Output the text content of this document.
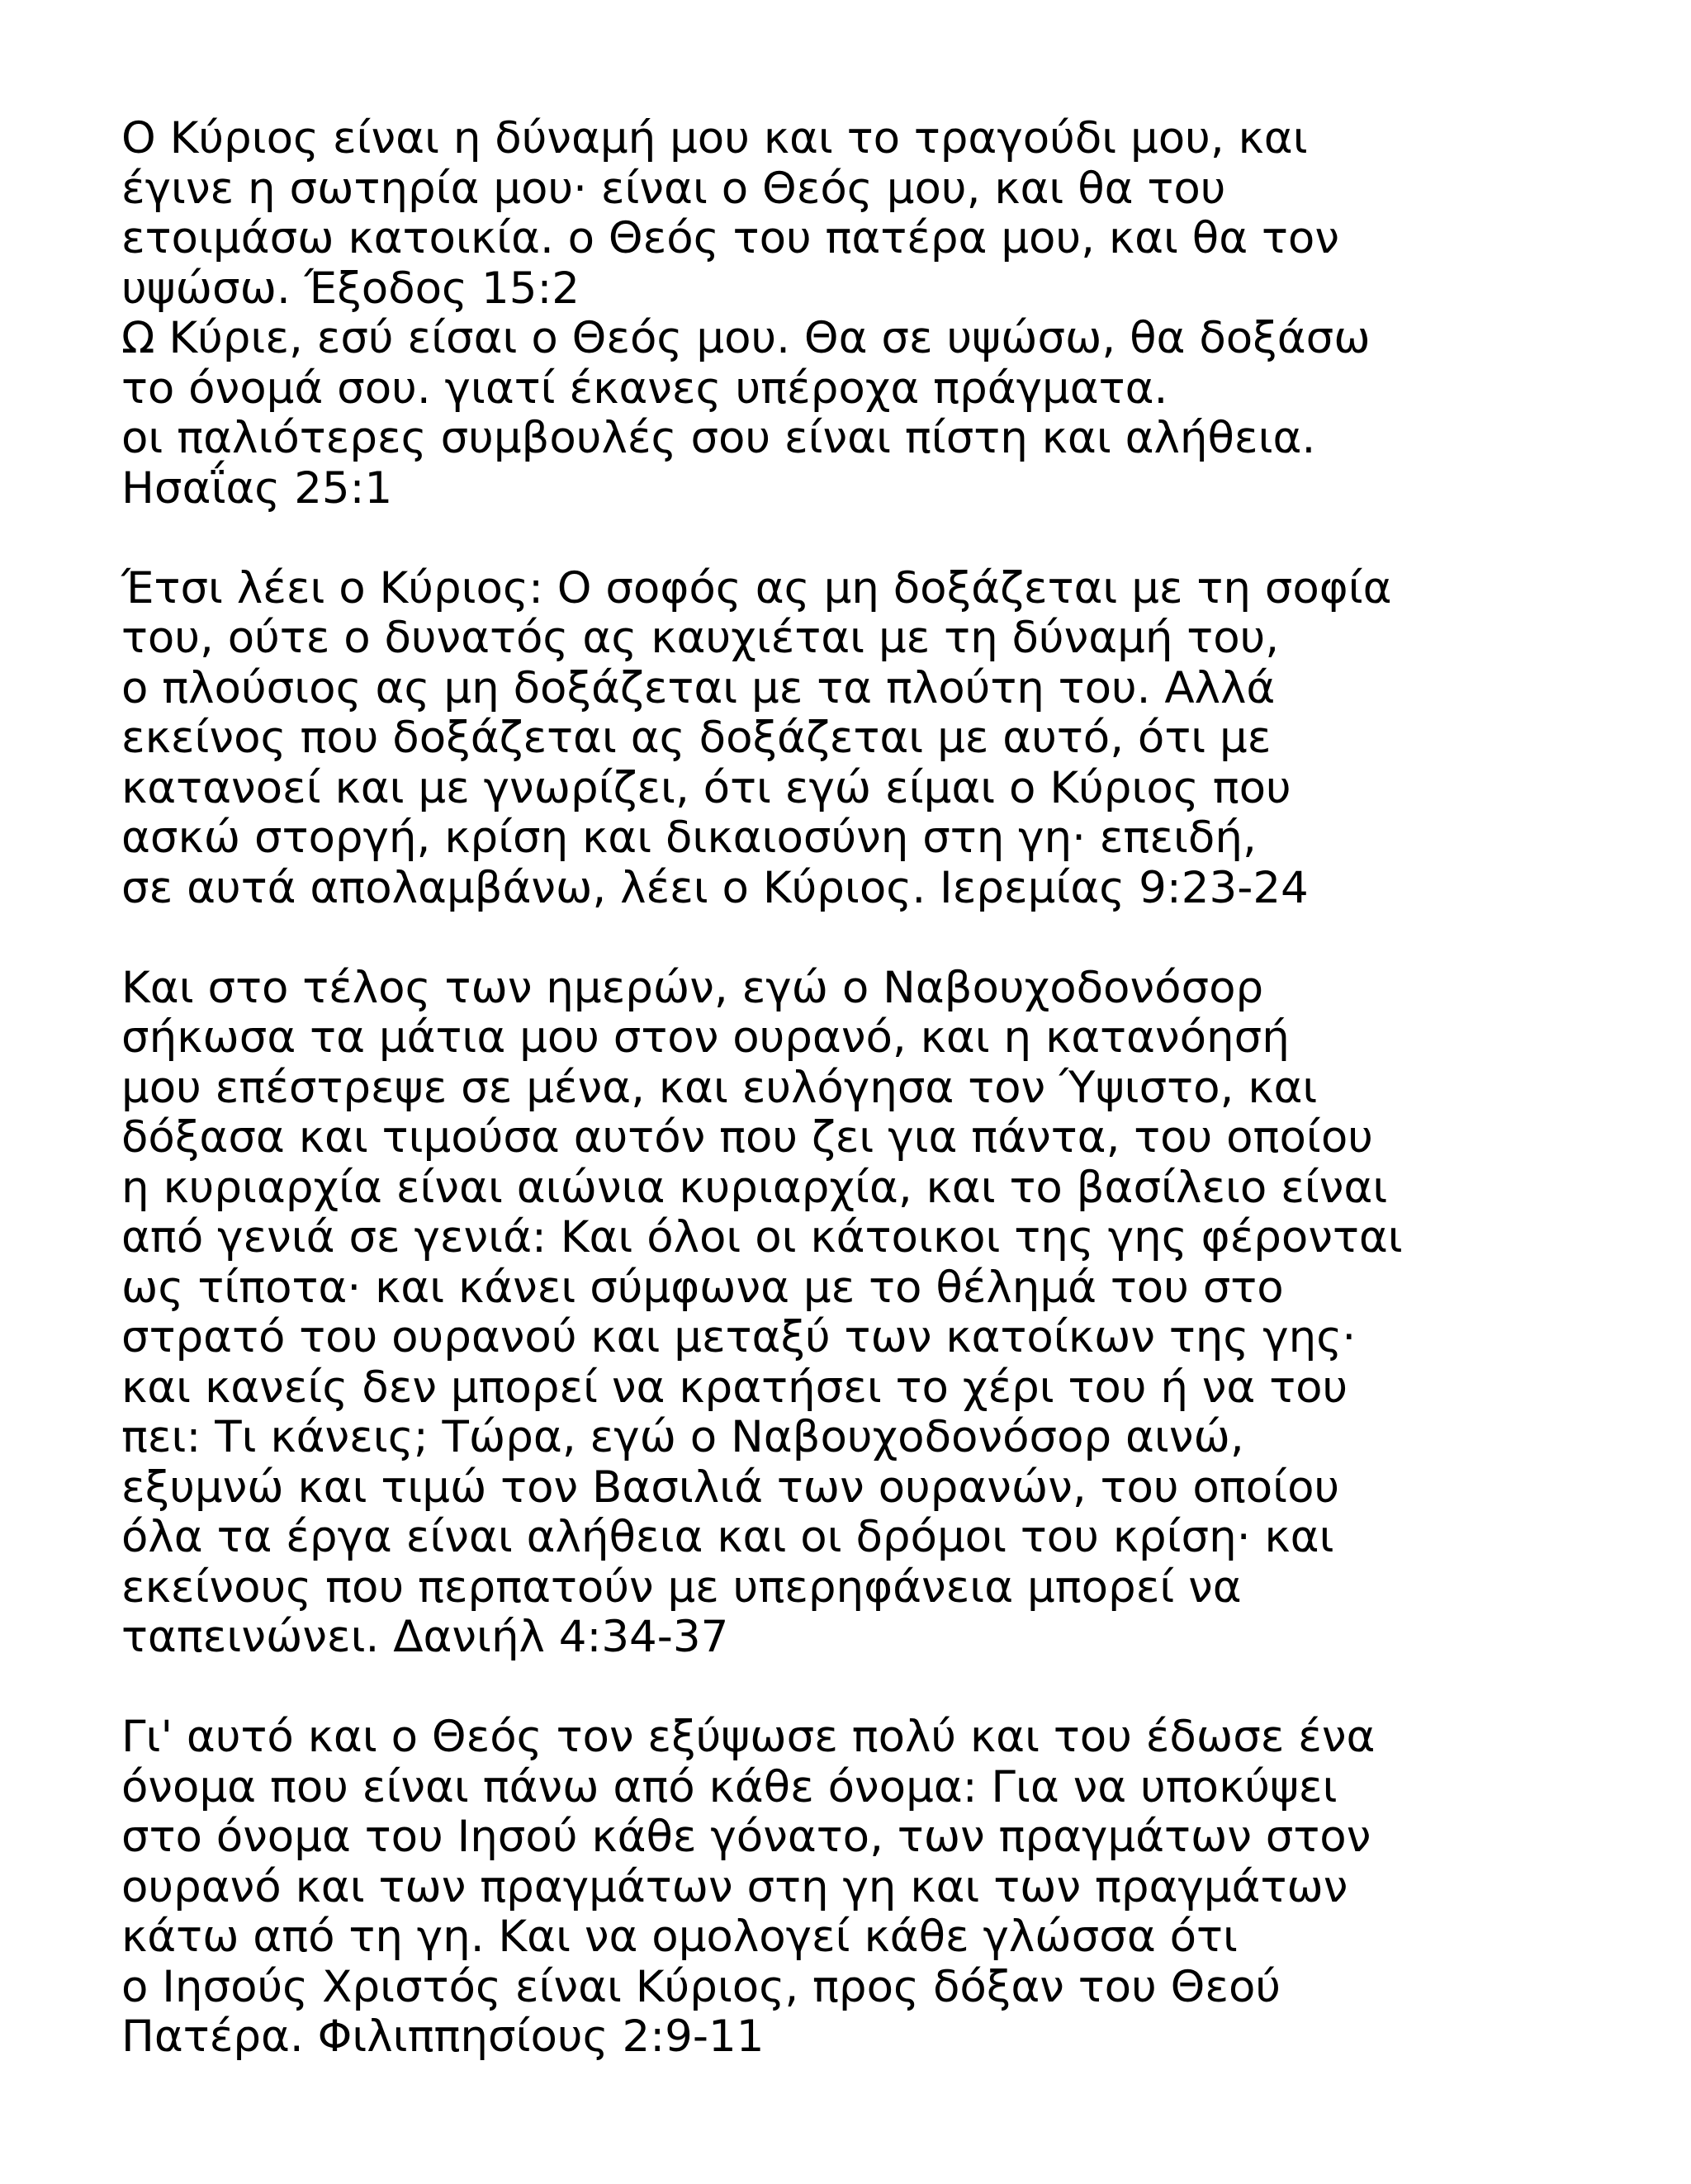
Ο Κύριος είναι η δύναμή μου και το τραγούδι μου, και
έγινε η σωτηρία μου· είναι ο Θεός μου, και θα του
ετοιμάσω κατοικία. ο Θεός του πατέρα μου, και θα τον
υψώσω. Έξοδος 15:2
Ω Κύριε, εσύ είσαι ο Θεός μου. Θα σε υψώσω, θα δοξάσω
το όνομά σου. γιατί έκανες υπέροχα πράγματα.
οι παλιότερες συμβουλές σου είναι πίστη και αλήθεια.
Ησαΐας 25:1
Έτσι λέει ο Κύριος: Ο σοφός ας μη δοξάζεται με τη σοφία
του, ούτε ο δυνατός ας καυχιέται με τη δύναμή του,
ο πλούσιος ας μη δοξάζεται με τα πλούτη του. Αλλά
εκείνος που δοξάζεται ας δοξάζεται με αυτό, ότι με
κατανοεί και με γνωρίζει, ότι εγώ είμαι ο Κύριος που
ασκώ στοργή, κρίση και δικαιοσύνη στη γη· επειδή,
σε αυτά απολαμβάνω, λέει ο Κύριος. Ιερεμίας 9:23-24
Και στο τέλος των ημερών, εγώ ο Ναβουχοδονόσορ
σήκωσα τα μάτια μου στον ουρανό, και η κατανόησή
μου επέστρεψε σε μένα, και ευλόγησα τον Ύψιστο, και
δόξασα και τιμούσα αυτόν που ζει για πάντα, του οποίου
η κυριαρχία είναι αιώνια κυριαρχία, και το βασίλειο είναι
από γενιά σε γενιά: Και όλοι οι κάτοικοι της γης φέρονται
ως τίποτα· και κάνει σύμφωνα με το θέλημά του στο
στρατό του ουρανού και μεταξύ των κατοίκων της γης·
και κανείς δεν μπορεί να κρατήσει το χέρι του ή να του
πει: Τι κάνεις; Τώρα, εγώ ο Ναβουχοδονόσορ αινώ,
εξυμνώ και τιμώ τον Βασιλιά των ουρανών, του οποίου
όλα τα έργα είναι αλήθεια και οι δρόμοι του κρίση· και
εκείνους που περπατούν με υπερηφάνεια μπορεί να
ταπεινώνει. Δανιήλ 4:34-37
Γι' αυτό και ο Θεός τον εξύψωσε πολύ και του έδωσε ένα
όνομα που είναι πάνω από κάθε όνομα: Για να υποκύψει
στο όνομα του Ιησού κάθε γόνατο, των πραγμάτων στον
ουρανό και των πραγμάτων στη γη και των πραγμάτων
κάτω από τη γη. Και να ομολογεί κάθε γλώσσα ότι
ο Ιησούς Χριστός είναι Κύριος, προς δόξαν του Θεού
Πατέρα. Φιλιππησίους 2:9-11
